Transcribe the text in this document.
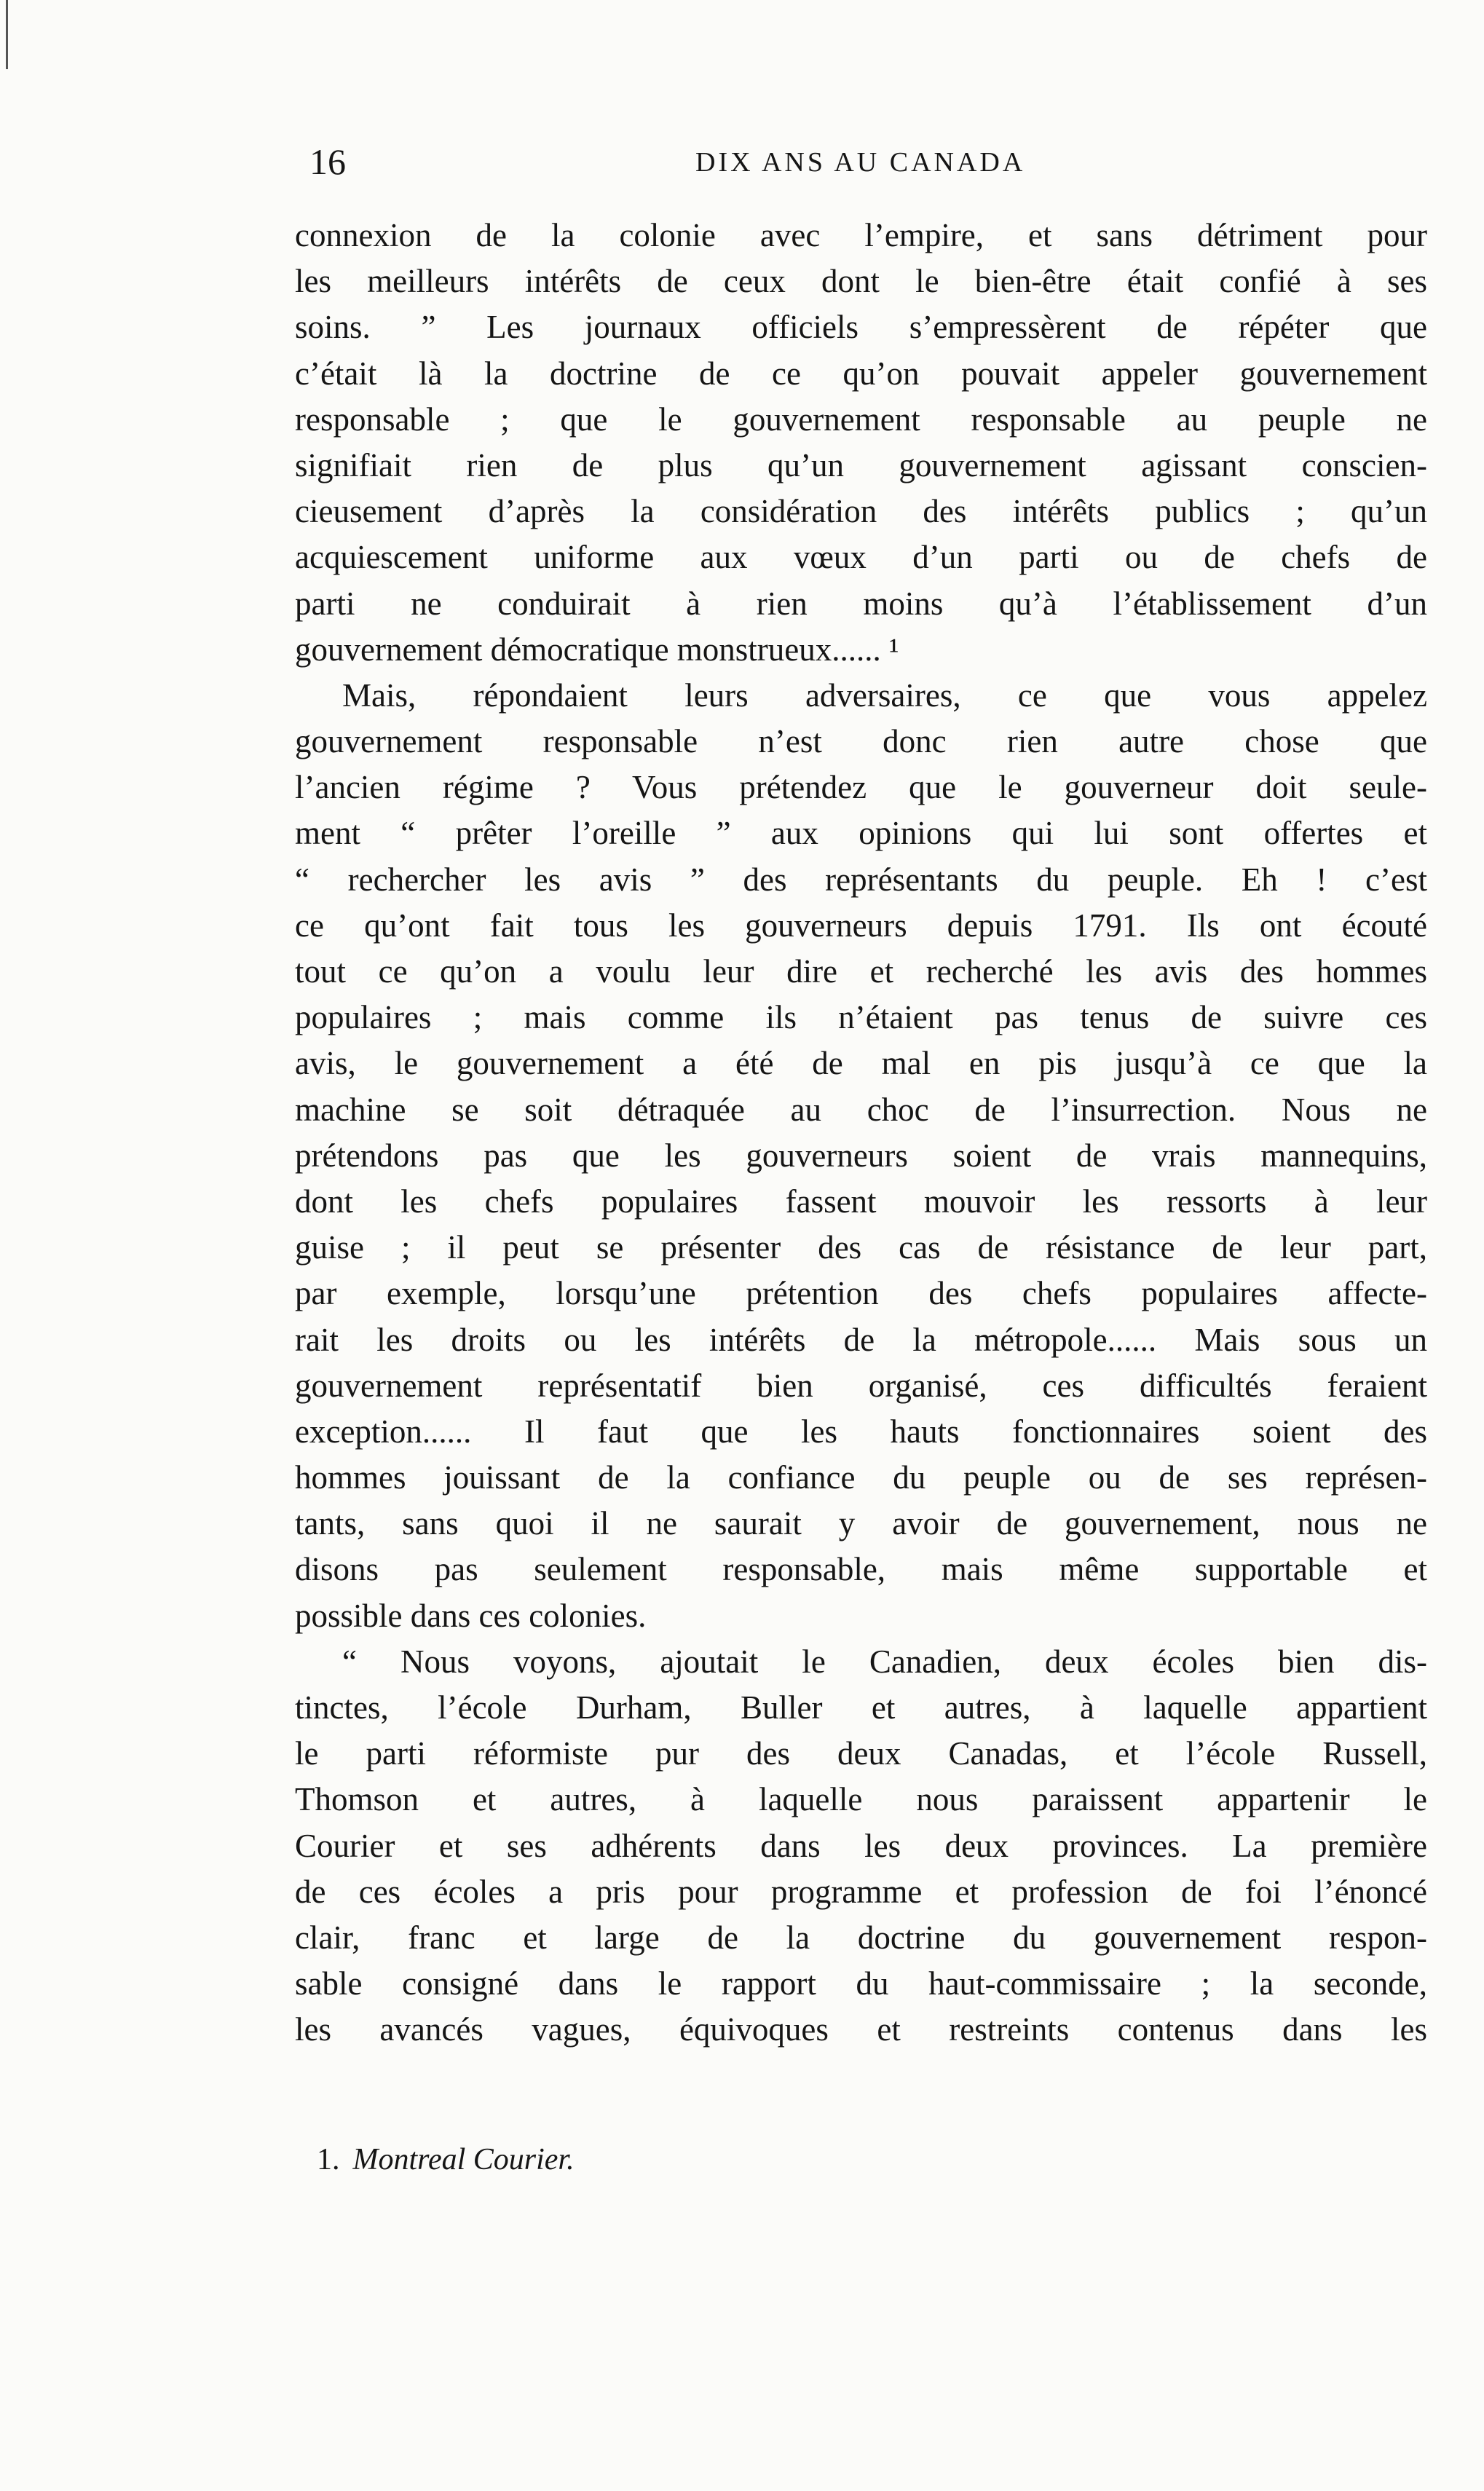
16	DIX ANS AU CANADA
connexion de la colonie avec l’empire, et sans détriment pour
les meilleurs intérêts de ceux dont le bien-être était confié à ses
soins. ” Les journaux officiels s’empressèrent de répéter que
c’était là la doctrine de ce qu’on pouvait appeler gouvernement
responsable ; que le gouvernement responsable au peuple ne
signifiait rien de plus qu’un gouvernement agissant conscien-
cieusement d’après la considération des intérêts publics ; qu’un
acquiescement uniforme aux vœux d’un parti ou de chefs de
parti ne conduirait à rien moins qu’à l’établissement d’un
gouvernement démocratique monstrueux...... ¹
Mais, répondaient leurs adversaires, ce que vous appelez
gouvernement responsable n’est donc rien autre chose que
l’ancien régime ? Vous prétendez que le gouverneur doit seule-
ment “ prêter l’oreille ” aux opinions qui lui sont offertes et
“ rechercher les avis ” des représentants du peuple. Eh ! c’est
ce qu’ont fait tous les gouverneurs depuis 1791. Ils ont écouté
tout ce qu’on a voulu leur dire et recherché les avis des hommes
populaires ; mais comme ils n’étaient pas tenus de suivre ces
avis, le gouvernement a été de mal en pis jusqu’à ce que la
machine se soit détraquée au choc de l’insurrection. Nous ne
prétendons pas que les gouverneurs soient de vrais mannequins,
dont les chefs populaires fassent mouvoir les ressorts à leur
guise ; il peut se présenter des cas de résistance de leur part,
par exemple, lorsqu’une prétention des chefs populaires affecte-
rait les droits ou les intérêts de la métropole...... Mais sous un
gouvernement représentatif bien organisé, ces difficultés feraient
exception...... Il faut que les hauts fonctionnaires soient des
hommes jouissant de la confiance du peuple ou de ses représen-
tants, sans quoi il ne saurait y avoir de gouvernement, nous ne
disons pas seulement responsable, mais même supportable et
possible dans ces colonies.
“ Nous voyons, ajoutait le Canadien, deux écoles bien dis-
tinctes, l’école Durham, Buller et autres, à laquelle appartient
le parti réformiste pur des deux Canadas, et l’école Russell,
Thomson et autres, à laquelle nous paraissent appartenir le
Courier et ses adhérents dans les deux provinces. La première
de ces écoles a pris pour programme et profession de foi l’énoncé
clair, franc et large de la doctrine du gouvernement respon-
sable consigné dans le rapport du haut-commissaire ; la seconde,
les avancés vagues, équivoques et restreints contenus dans les
1. Montreal Courier.
